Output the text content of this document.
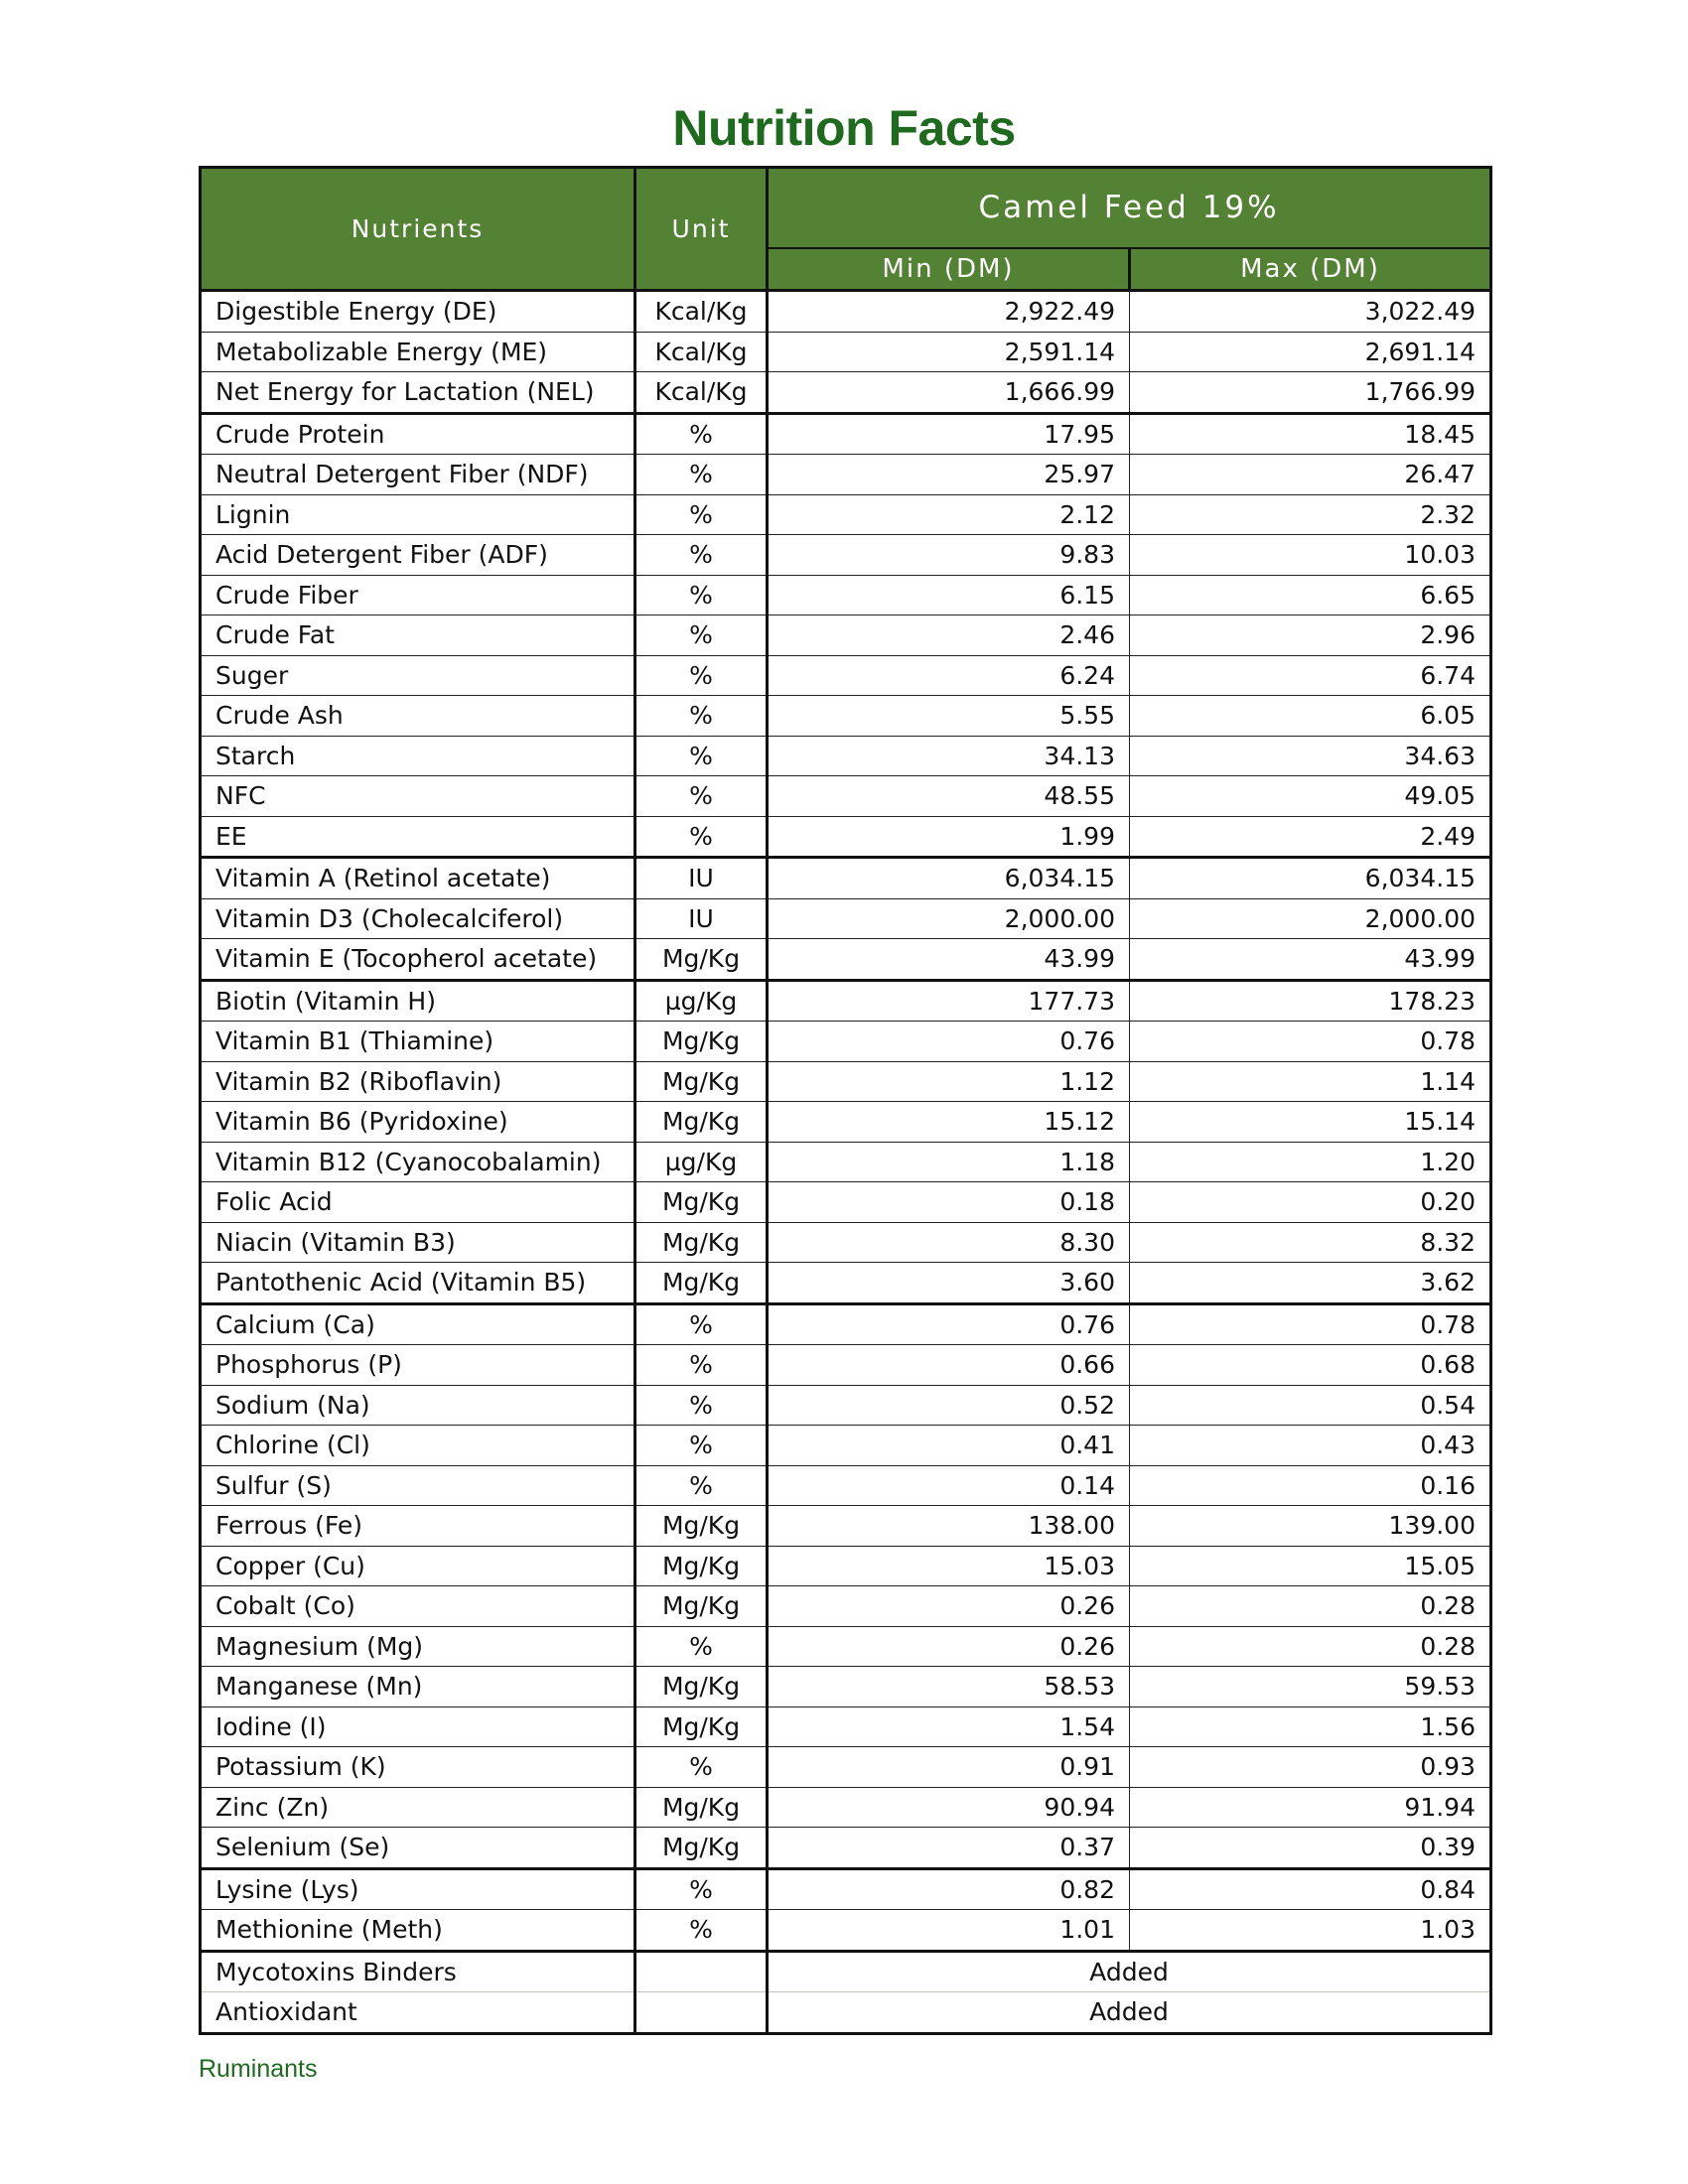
Nutrition Facts
Nutrients	Unit	Camel Feed 19%	
		Min (DM)	Max (DM)
Digestible Energy (DE)	Kcal/Kg	2,922.49	3,022.49
Metabolizable Energy (ME)	Kcal/Kg	2,591.14	2,691.14
Net Energy for Lactation (NEL)	Kcal/Kg	1,666.99	1,766.99
Crude Protein	%	17.95	18.45
Neutral Detergent Fiber (NDF)	%	25.97	26.47
Lignin	%	2.12	2.32
Acid Detergent Fiber (ADF)	%	9.83	10.03
Crude Fiber	%	6.15	6.65
Crude Fat	%	2.46	2.96
Suger	%	6.24	6.74
Crude Ash	%	5.55	6.05
Starch	%	34.13	34.63
NFC	%	48.55	49.05
EE	%	1.99	2.49
Vitamin A (Retinol acetate)	IU	6,034.15	6,034.15
Vitamin D3 (Cholecalciferol)	IU	2,000.00	2,000.00
Vitamin E (Tocopherol acetate)	Mg/Kg	43.99	43.99
Biotin (Vitamin H)	µg/Kg	177.73	178.23
Vitamin B1 (Thiamine)	Mg/Kg	0.76	0.78
Vitamin B2 (Riboflavin)	Mg/Kg	1.12	1.14
Vitamin B6 (Pyridoxine)	Mg/Kg	15.12	15.14
Vitamin B12 (Cyanocobalamin)	µg/Kg	1.18	1.20
Folic Acid	Mg/Kg	0.18	0.20
Niacin (Vitamin B3)	Mg/Kg	8.30	8.32
Pantothenic Acid (Vitamin B5)	Mg/Kg	3.60	3.62
Calcium (Ca)	%	0.76	0.78
Phosphorus (P)	%	0.66	0.68
Sodium (Na)	%	0.52	0.54
Chlorine (Cl)	%	0.41	0.43
Sulfur (S)	%	0.14	0.16
Ferrous (Fe)	Mg/Kg	138.00	139.00
Copper (Cu)	Mg/Kg	15.03	15.05
Cobalt (Co)	Mg/Kg	0.26	0.28
Magnesium (Mg)	%	0.26	0.28
Manganese (Mn)	Mg/Kg	58.53	59.53
Iodine (I)	Mg/Kg	1.54	1.56
Potassium (K)	%	0.91	0.93
Zinc (Zn)	Mg/Kg	90.94	91.94
Selenium (Se)	Mg/Kg	0.37	0.39
Lysine (Lys)	%	0.82	0.84
Methionine (Meth)	%	1.01	1.03
Mycotoxins Binders		Added	
Antioxidant		Added	
Ruminants
